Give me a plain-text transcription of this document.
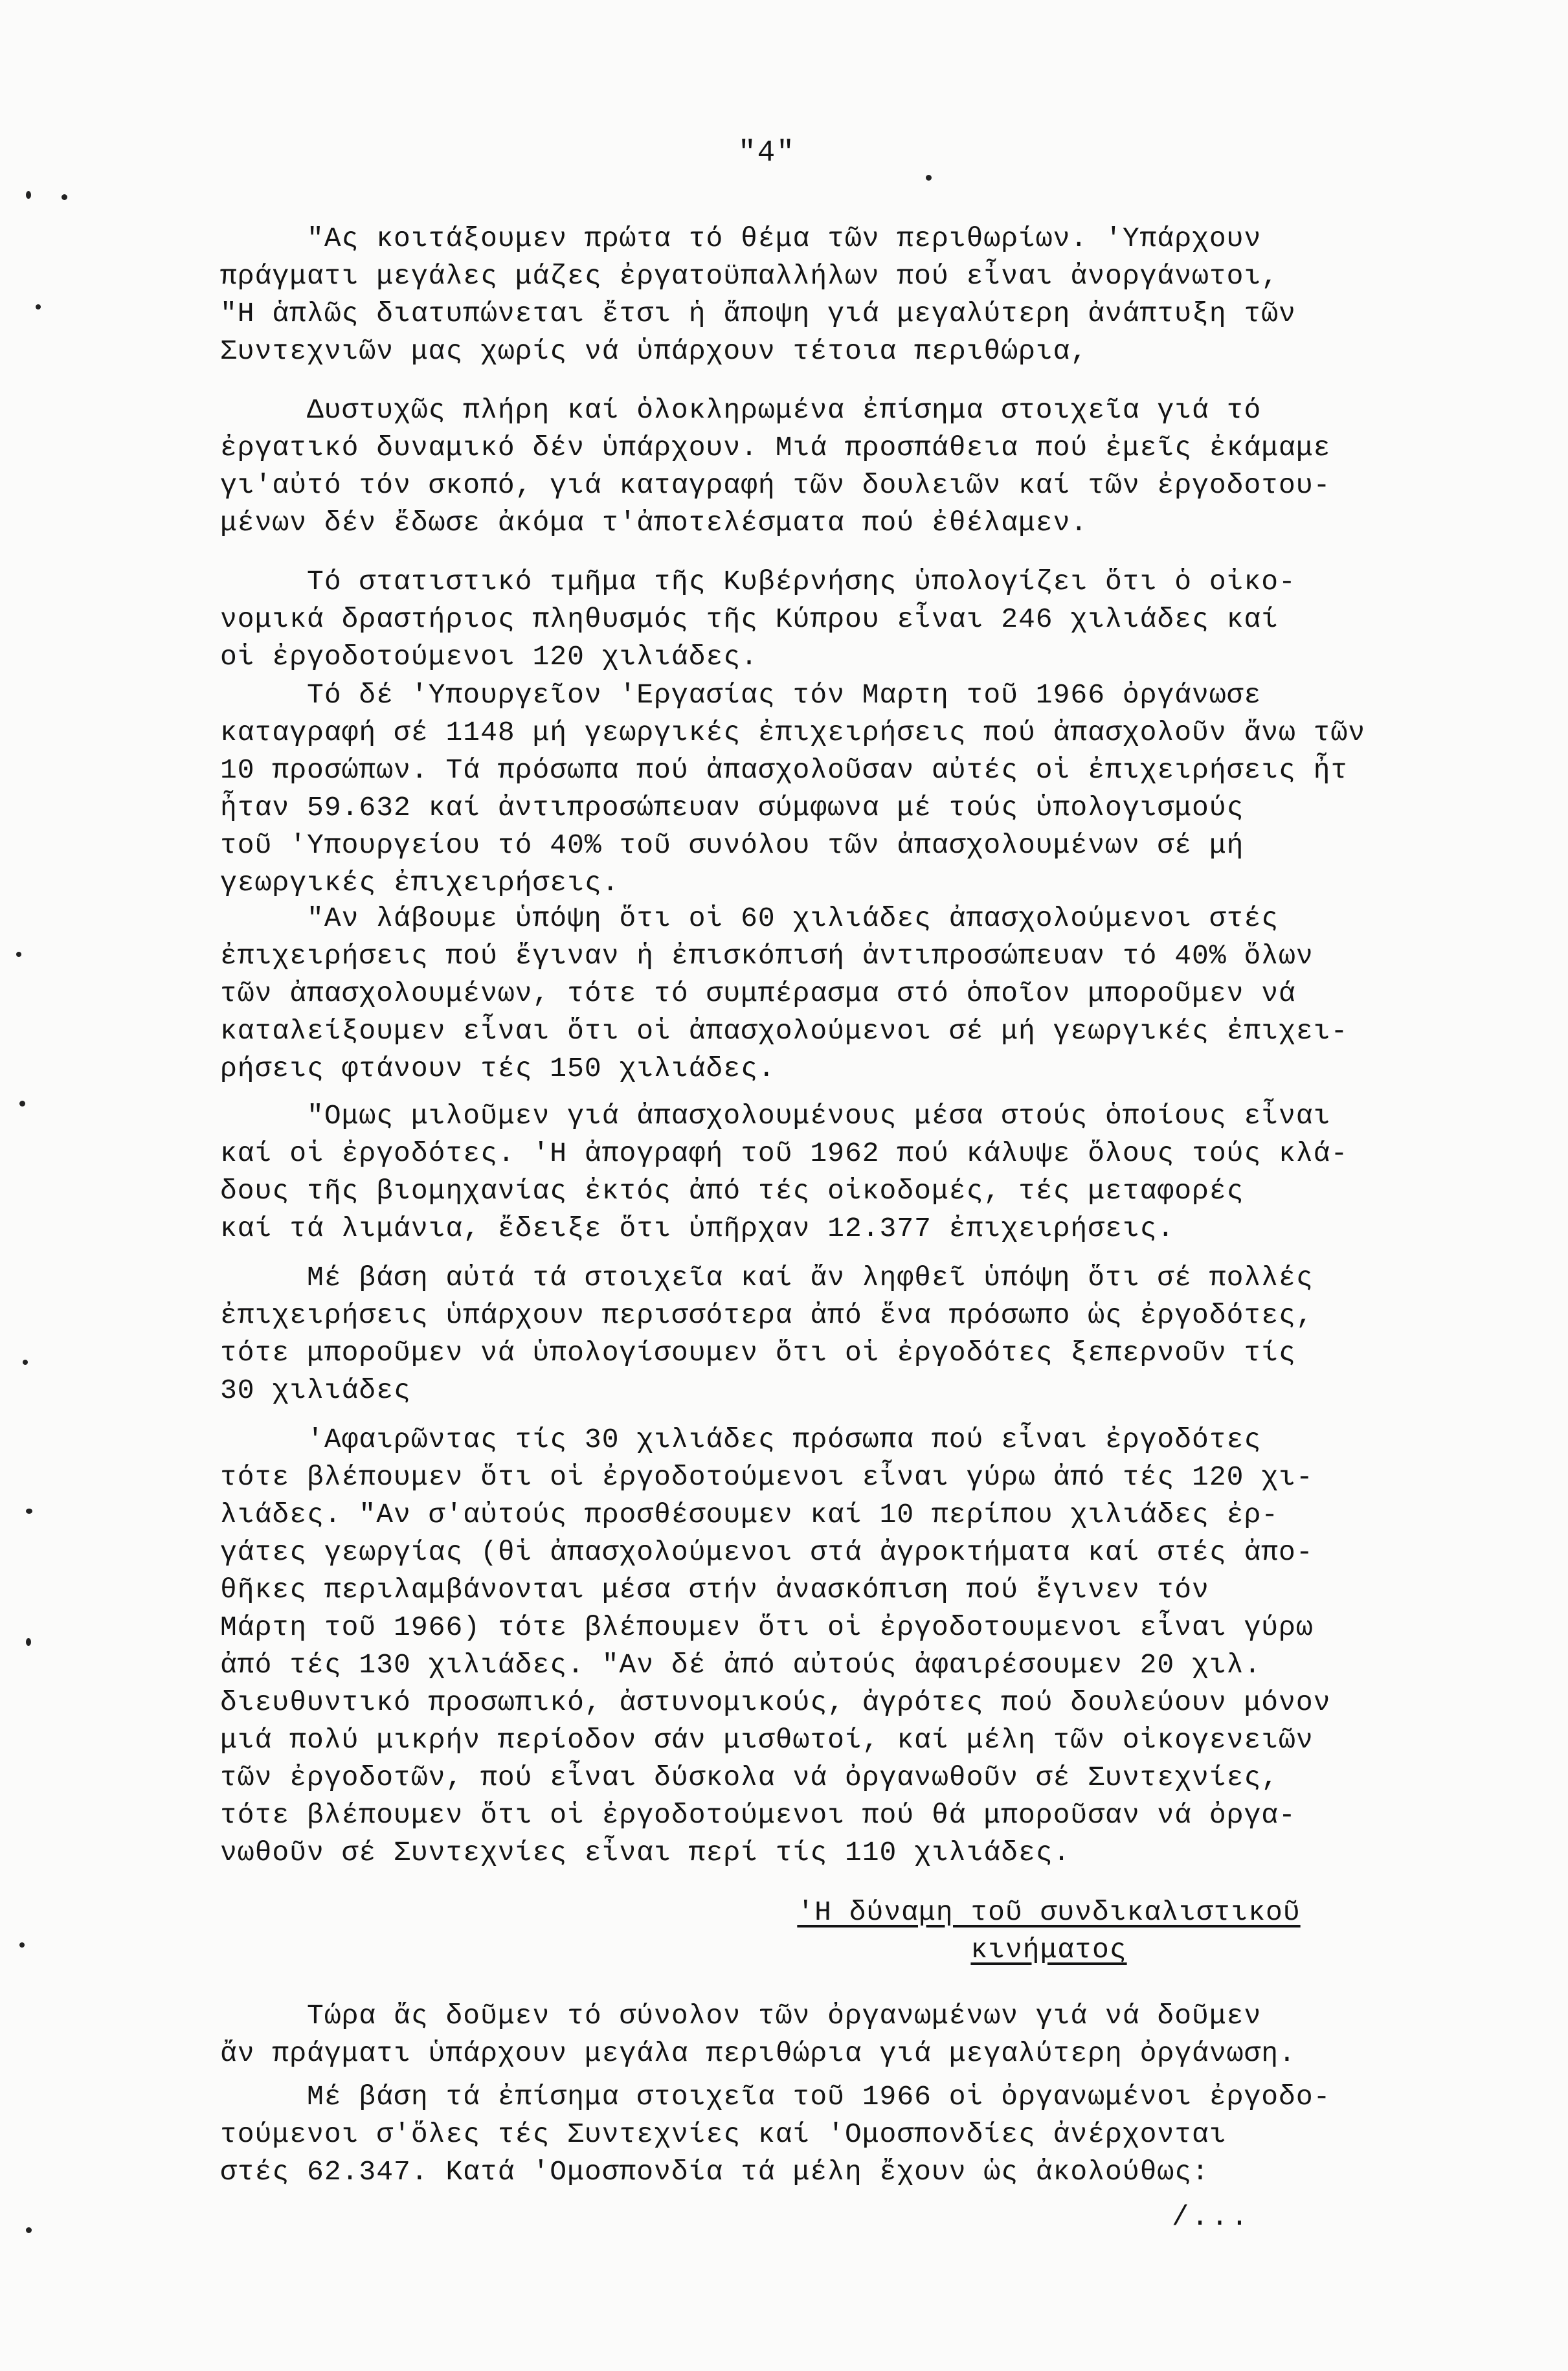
"4"
"Ας κοιτάξουμεν πρώτα τό θέμα τῶν περιθωρίων. 'Υπάρχουν
πράγματι μεγάλες μάζες ἐργατοϋπαλλήλων πού εἶναι ἀνοργάνωτοι,
"Η ἁπλῶς διατυπώνεται ἔτσι ἡ ἄποψη γιά μεγαλύτερη ἀνάπτυξη τῶν
Συντεχνιῶν μας χωρίς νά ὑπάρχουν τέτοια περιθώρια,
Δυστυχῶς πλήρη καί ὁλοκληρωμένα ἐπίσημα στοιχεῖα γιά τό
ἐργατικό δυναμικό δέν ὑπάρχουν. Μιά προσπάθεια πού ἐμεῖς ἐκάμαμε
γι'αὐτό τόν σκοπό, γιά καταγραφή τῶν δουλειῶν καί τῶν ἐργοδοτου-
μένων δέν ἔδωσε ἀκόμα τ'ἀποτελέσματα πού ἐθέλαμεν.
Τό στατιστικό τμῆμα τῆς Κυβέρνήσης ὑπολογίζει ὅτι ὁ οἰκο-
νομικά δραστήριος πληθυσμός τῆς Κύπρου εἶναι 246 χιλιάδες καί
οἱ ἐργοδοτούμενοι 120 χιλιάδες.
Τό δέ 'Υπουργεῖον 'Εργασίας τόν Μαρτη τοῦ 1966 ὀργάνωσε
καταγραφή σέ 1148 μή γεωργικές ἐπιχειρήσεις πού ἀπασχολοῦν ἄνω τῶν
10 προσώπων. Τά πρόσωπα πού ἀπασχολοῦσαν αὐτές οἱ ἐπιχειρήσεις ἦτ
ἦταν 59.632 καί ἀντιπροσώπευαν σύμφωνα μέ τούς ὑπολογισμούς
τοῦ 'Υπουργείου τό 40% τοῦ συνόλου τῶν ἀπασχολουμένων σέ μή
γεωργικές ἐπιχειρήσεις.
"Αν λάβουμε ὑπόψη ὅτι οἱ 60 χιλιάδες ἀπασχολούμενοι στές
ἐπιχειρήσεις πού ἔγιναν ἡ ἐπισκόπισή ἀντιπροσώπευαν τό 40% ὅλων
τῶν ἀπασχολουμένων, τότε τό συμπέρασμα στό ὁποῖον μποροῦμεν νά
καταλείξουμεν εἶναι ὅτι οἱ ἀπασχολούμενοι σέ μή γεωργικές ἐπιχει-
ρήσεις φτάνουν τές 150 χιλιάδες.
"Ομως μιλοῦμεν γιά ἀπασχολουμένους μέσα στούς ὁποίους εἶναι
καί οἱ ἐργοδότες. 'Η ἀπογραφή τοῦ 1962 πού κάλυψε ὅλους τούς κλά-
δους τῆς βιομηχανίας ἐκτός ἀπό τές οἰκοδομές, τές μεταφορές
καί τά λιμάνια, ἔδειξε ὅτι ὑπῆρχαν 12.377 ἐπιχειρήσεις.
Μέ βάση αὐτά τά στοιχεῖα καί ἄν ληφθεῖ ὑπόψη ὅτι σέ πολλές
ἐπιχειρήσεις ὑπάρχουν περισσότερα ἀπό ἕνα πρόσωπο ὡς ἐργοδότες,
τότε μποροῦμεν νά ὑπολογίσουμεν ὅτι οἱ ἐργοδότες ξεπερνοῦν τίς
30 χιλιάδες
'Αφαιρῶντας τίς 30 χιλιάδες πρόσωπα πού εἶναι ἐργοδότες
τότε βλέπουμεν ὅτι οἱ ἐργοδοτούμενοι εἶναι γύρω ἀπό τές 120 χι-
λιάδες. "Αν σ'αὐτούς προσθέσουμεν καί 10 περίπου χιλιάδες ἐρ-
γάτες γεωργίας (θἱ ἀπασχολούμενοι στά ἀγροκτήματα καί στές ἀπο-
θῆκες περιλαμβάνονται μέσα στήν ἀνασκόπιση πού ἔγινεν τόν
Μάρτη τοῦ 1966) τότε βλέπουμεν ὅτι οἱ ἐργοδοτουμενοι εἶναι γύρω
ἀπό τές 130 χιλιάδες. "Αν δέ ἀπό αὐτούς ἀφαιρέσουμεν 20 χιλ.
διευθυντικό προσωπικό, ἀστυνομικούς, ἀγρότες πού δουλεύουν μόνον
μιά πολύ μικρήν περίοδον σάν μισθωτοί, καί μέλη τῶν οἰκογενειῶν
τῶν ἐργοδοτῶν, πού εἶναι δύσκολα νά ὀργανωθοῦν σέ Συντεχνίες,
τότε βλέπουμεν ὅτι οἱ ἐργοδοτούμενοι πού θά μποροῦσαν νά ὀργα-
νωθοῦν σέ Συντεχνίες εἶναι περί τίς 110 χιλιάδες.
'Η δύναμη τοῦ συνδικαλιστικοῦ
κινήματος
Τώρα ἄς δοῦμεν τό σύνολον τῶν ὀργανωμένων γιά νά δοῦμεν
ἄν πράγματι ὑπάρχουν μεγάλα περιθώρια γιά μεγαλύτερη ὀργάνωση.
Μέ βάση τά ἐπίσημα στοιχεῖα τοῦ 1966 οἱ ὀργανωμένοι ἐργοδο-
τούμενοι σ'ὅλες τές Συντεχνίες καί 'Ομοσπονδίες ἀνέρχονται
στές 62.347. Κατά 'Ομοσπονδία τά μέλη ἔχουν ὡς ἀκολούθως:
/...
